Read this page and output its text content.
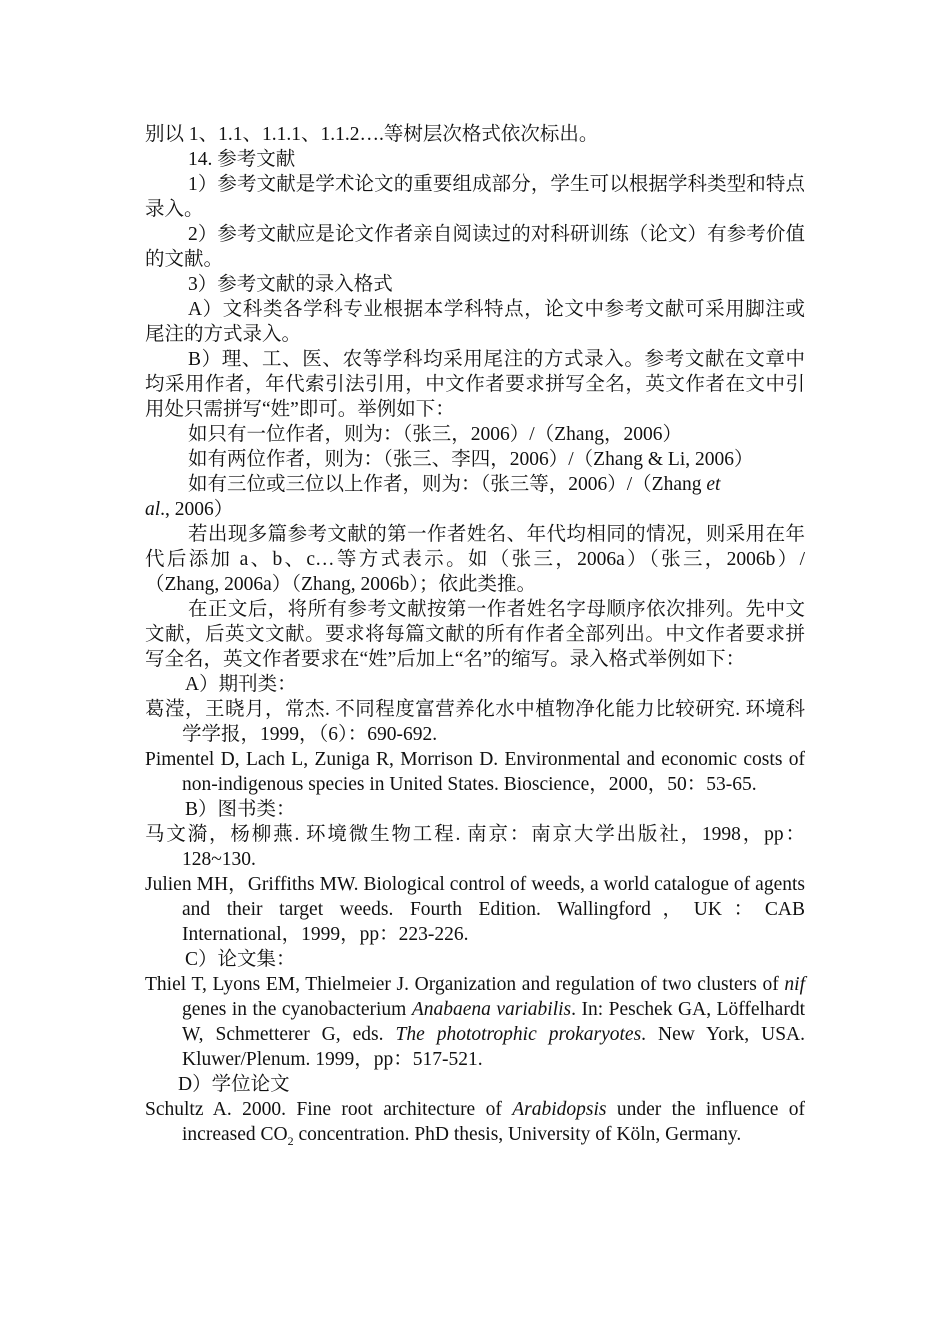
别以 1、1.1、1.1.1、1.1.2….等树层次格式依次标出。

14. 参考文献

1）参考文献是学术论文的重要组成部分，学生可以根据学科类型和特点录入。

2）参考文献应是论文作者亲自阅读过的对科研训练（论文）有参考价值的文献。

3）参考文献的录入格式

A）文科类各学科专业根据本学科特点，论文中参考文献可采用脚注或尾注的方式录入。

B）理、工、医、农等学科均采用尾注的方式录入。参考文献在文章中均采用作者，年代索引法引用，中文作者要求拼写全名，英文作者在文中引用处只需拼写“姓”即可。举例如下：

如只有一位作者，则为：（张三，2006）/（Zhang，2006）

如有两位作者，则为：（张三、李四，2006）/（Zhang & Li, 2006）

如有三位或三位以上作者，则为：（张三等，2006）/（Zhang et al., 2006）

若出现多篇参考文献的第一作者姓名、年代均相同的情况，则采用在年代后添加 a、b、c…等方式表示。如（张三，2006a）（张三，2006b）/（Zhang, 2006a）（Zhang, 2006b）；依此类推。

在正文后，将所有参考文献按第一作者姓名字母顺序依次排列。先中文文献，后英文文献。要求将每篇文献的所有作者全部列出。中文作者要求拼写全名，英文作者要求在“姓”后加上“名”的缩写。录入格式举例如下：

A）期刊类：

葛滢，王晓月，常杰. 不同程度富营养化水中植物净化能力比较研究. 环境科学学报，1999，（6）：690-692.

Pimentel D, Lach L, Zuniga R, Morrison D. Environmental and economic costs of non-indigenous species in United States. Bioscience，2000，50：53-65.

B）图书类：

马文漪，杨柳燕. 环境微生物工程. 南京：南京大学出版社，1998，pp：128~130.

Julien MH，Griffiths MW. Biological control of weeds, a world catalogue of agents and their target weeds. Fourth Edition. Wallingford，UK：CAB International，1999，pp：223-226.

C）论文集：

Thiel T, Lyons EM, Thielmeier J. Organization and regulation of two clusters of nif genes in the cyanobacterium Anabaena variabilis. In: Peschek GA, Löffelhardt W, Schmetterer G, eds. The phototrophic prokaryotes. New York, USA. Kluwer/Plenum. 1999，pp：517-521.

D）学位论文

Schultz A. 2000. Fine root architecture of Arabidopsis under the influence of increased $CO_2$ concentration. PhD thesis, University of Köln, Germany.
